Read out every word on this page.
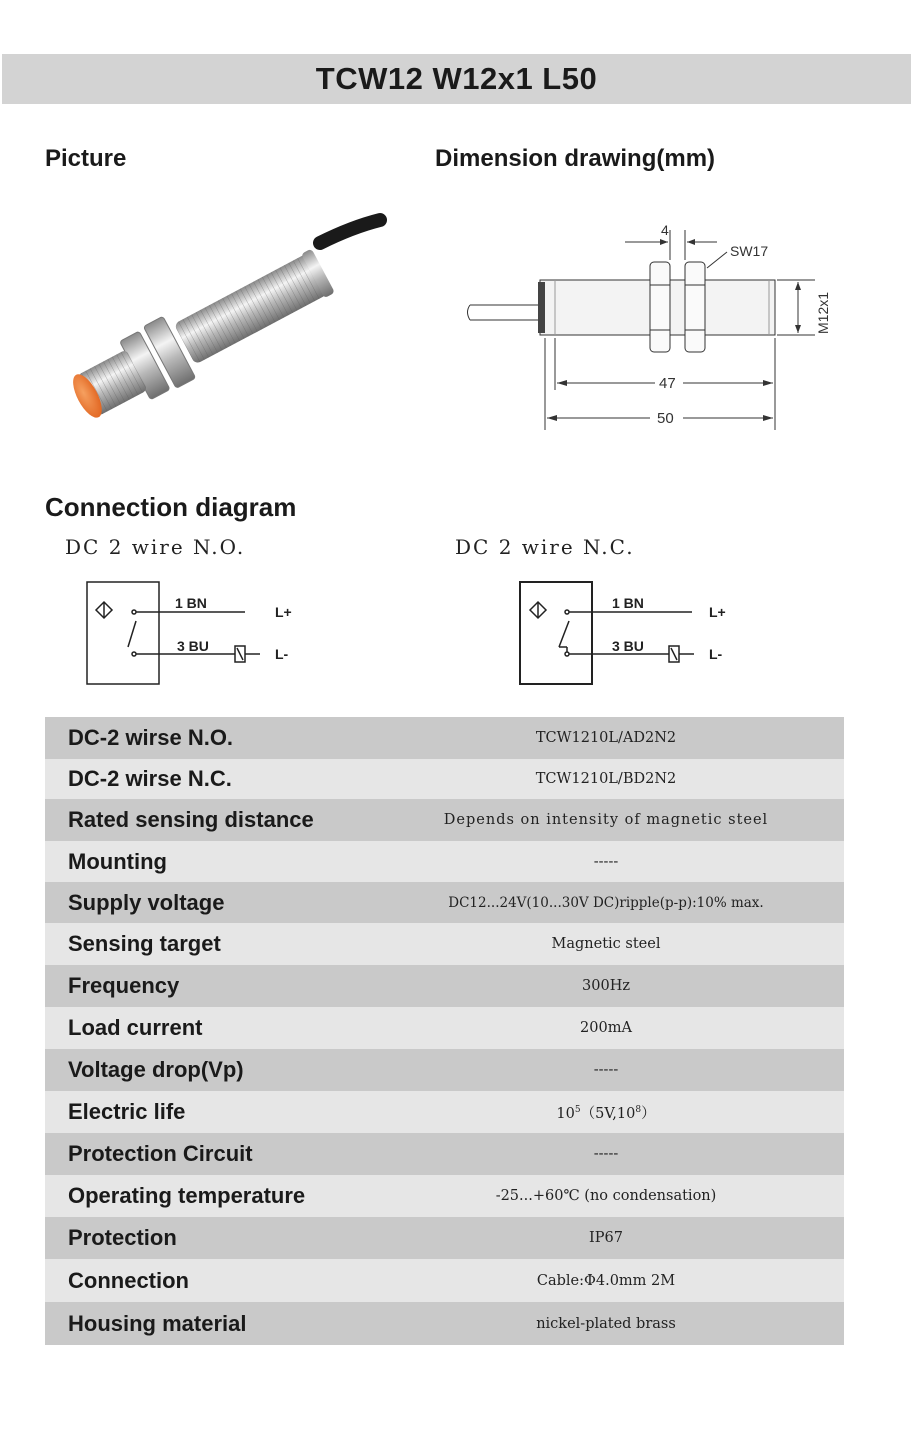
TCW12 W12x1 L50
Picture	Dimension drawing(mm)
4
SW17
M12x1
47
50
Connection diagram
DC 2 wire N.O.	DC 2 wire N.C.
1 BN
3 BU
L+
L-
1 BN
3 BU
L+
L-
DC-2 wirse N.O.	TCW1210L/AD2N2
DC-2 wirse N.C.	TCW1210L/BD2N2
Rated sensing distance	Depends on intensity of magnetic steel
Mounting	-----
Supply voltage	DC12...24V(10...30V DC)ripple(p-p):10% max.
Sensing target	Magnetic steel
Frequency	300Hz
Load current	200mA
Voltage drop(Vp)	-----
Electric life	$10^5(5V,10^8)$
Protection Circuit	-----
Operating temperature	-25...+60℃ (no condensation)
Protection	IP67
Connection	Cable:Φ4.0mm 2M
Housing material	nickel-plated brass
